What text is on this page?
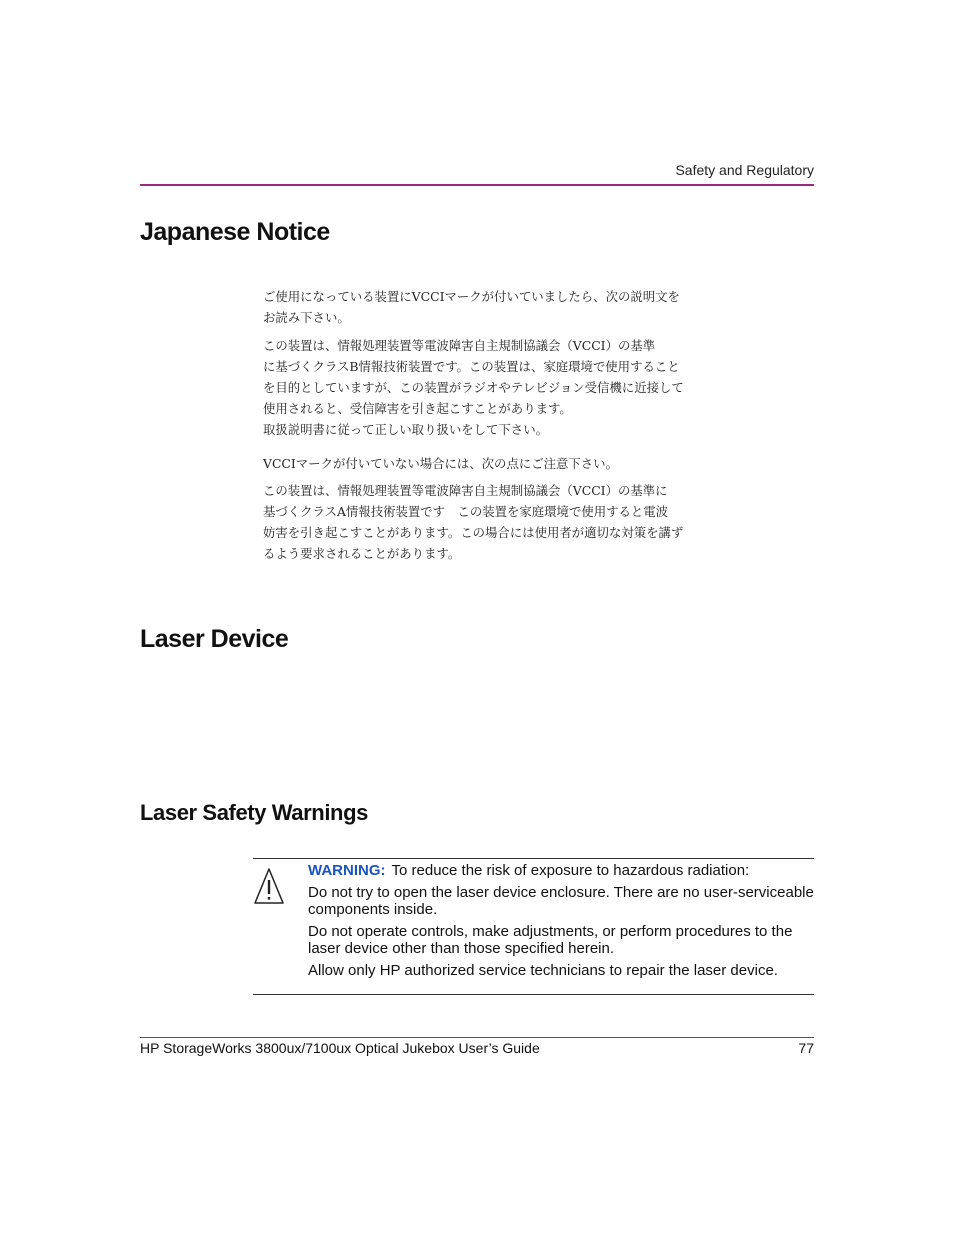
Safety and Regulatory
Japanese Notice

ご使用になっている装置にVCCIマークが付いていましたら、次の説明文を

お読み下さい。

この装置は、情報処理装置等電波障害自主規制協議会（VCCI）の基準

に基づくクラスB情報技術装置です。この装置は、家庭環境で使用すること

を目的としていますが、この装置がラジオやテレビジョン受信機に近接して

使用されると、受信障害を引き起こすことがあります。

取扱説明書に従って正しい取り扱いをして下さい。

VCCIマークが付いていない場合には、次の点にご注意下さい。

この装置は、情報処理装置等電波障害自主規制協議会（VCCI）の基準に

基づくクラスA情報技術装置です　この装置を家庭環境で使用すると電波

妨害を引き起こすことがあります。この場合には使用者が適切な対策を講ず

るよう要求されることがあります。

Laser Device
Laser Safety Warnings

WARNING: To reduce the risk of exposure to hazardous radiation:

Do not try to open the laser device enclosure. There are no user-serviceable components inside.

Do not operate controls, make adjustments, or perform procedures to the laser device other than those specified herein.

Allow only HP authorized service technicians to repair the laser device.

HP StorageWorks 3800ux/7100ux Optical Jukebox User’s Guide	77
